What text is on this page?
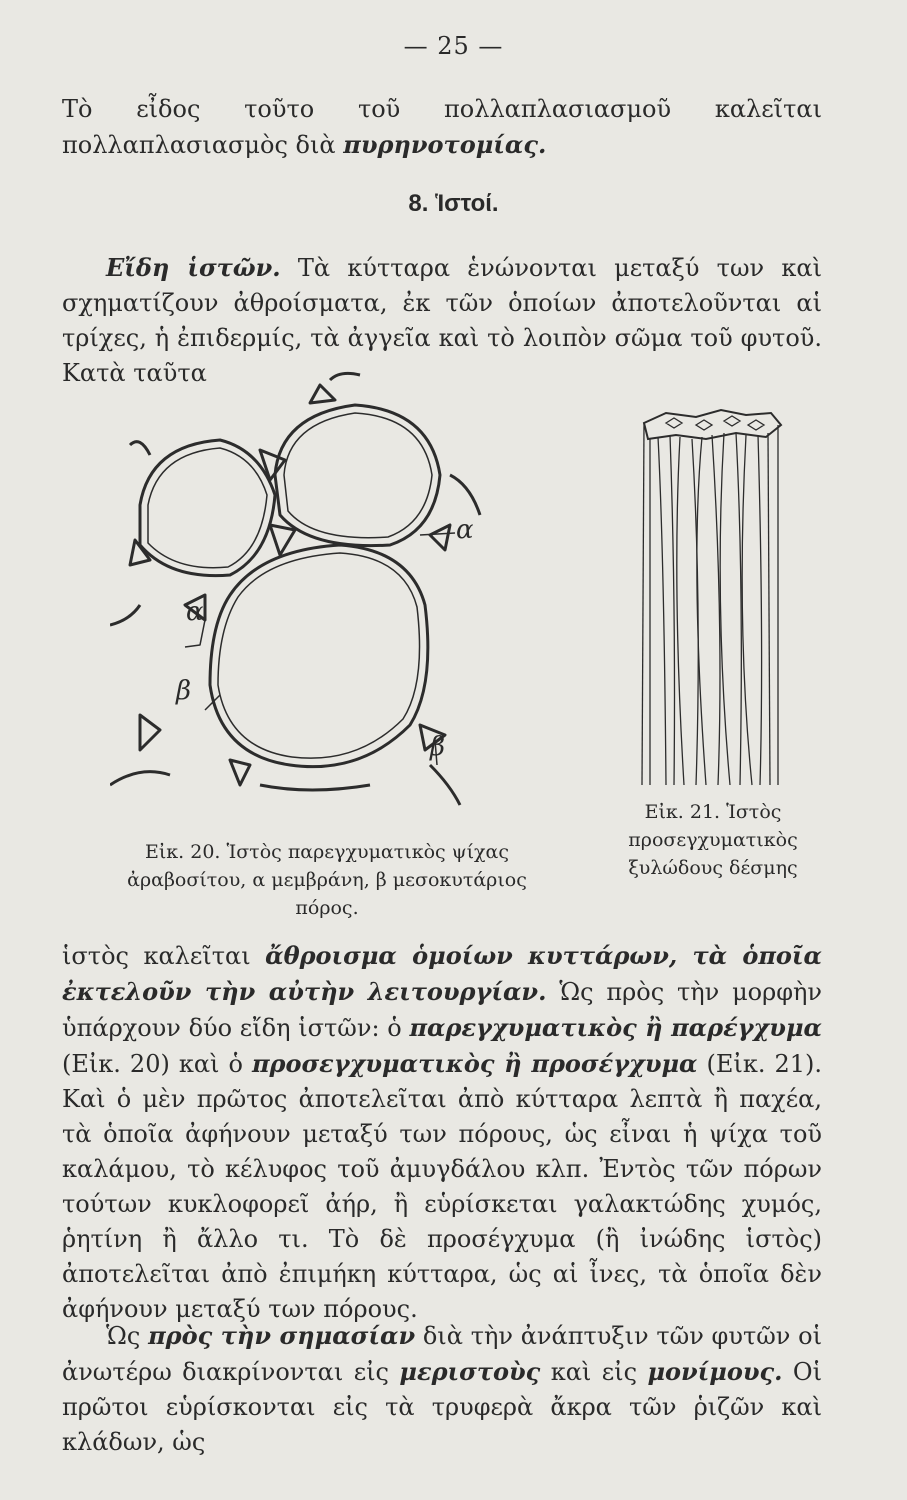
— 25 —

Τὸ εἶδος τοῦτο τοῦ πολλαπλασιασμοῦ καλεῖται πολλαπλασιασμὸς διὰ πυρηνοτομίας.

8. Ἱστοί.

Εἴδη ἱστῶν. Τὰ κύτταρα ἑνώνονται μεταξύ των καὶ σχηματίζουν ἀθροίσματα, ἐκ τῶν ὁποίων ἀποτελοῦνται αἱ τρίχες, ἡ ἐπιδερμίς, τὰ ἀγγεῖα καὶ τὸ λοιπὸν σῶμα τοῦ φυτοῦ. Κατὰ ταῦτα

α
α
β
β
Εἰκ. 20. Ἱστὸς παρεγχυματικὸς ψίχας ἀραβοσίτου, α μεμβράνη, β μεσοκυτάριος πόρος.
Εἰκ. 21. Ἱστὸς προσεγχυματικὸς ξυλώδους δέσμης

ἱστὸς καλεῖται ἄθροισμα ὁμοίων κυττάρων, τὰ ὁποῖα ἐκτελοῦν τὴν αὐτὴν λειτουργίαν. Ὡς πρὸς τὴν μορφὴν ὑπάρχουν δύο εἴδη ἱστῶν: ὁ παρεγχυματικὸς ἢ παρέγχυμα (Εἰκ. 20) καὶ ὁ προσεγχυματικὸς ἢ προσέγχυμα (Εἰκ. 21). Καὶ ὁ μὲν πρῶτος ἀποτελεῖται ἀπὸ κύτταρα λεπτὰ ἢ παχέα, τὰ ὁποῖα ἀφήνουν μεταξύ των πόρους, ὡς εἶναι ἡ ψίχα τοῦ καλάμου, τὸ κέλυφος τοῦ ἀμυγδάλου κλπ. Ἐντὸς τῶν πόρων τούτων κυκλοφορεῖ ἀήρ, ἢ εὑρίσκεται γαλακτώδης χυμός, ῥητίνη ἢ ἄλλο τι. Τὸ δὲ προσέγχυμα (ἢ ἰνώδης ἱστὸς) ἀποτελεῖται ἀπὸ ἐπιμήκη κύτταρα, ὡς αἱ ἶνες, τὰ ὁποῖα δὲν ἀφήνουν μεταξύ των πόρους.

Ὡς πρὸς τὴν σημασίαν διὰ τὴν ἀνάπτυξιν τῶν φυτῶν οἱ ἀνωτέρω διακρίνονται εἰς μεριστοὺς καὶ εἰς μονίμους. Οἱ πρῶτοι εὑρίσκονται εἰς τὰ τρυφερὰ ἄκρα τῶν ῥιζῶν καὶ κλάδων, ὡς
